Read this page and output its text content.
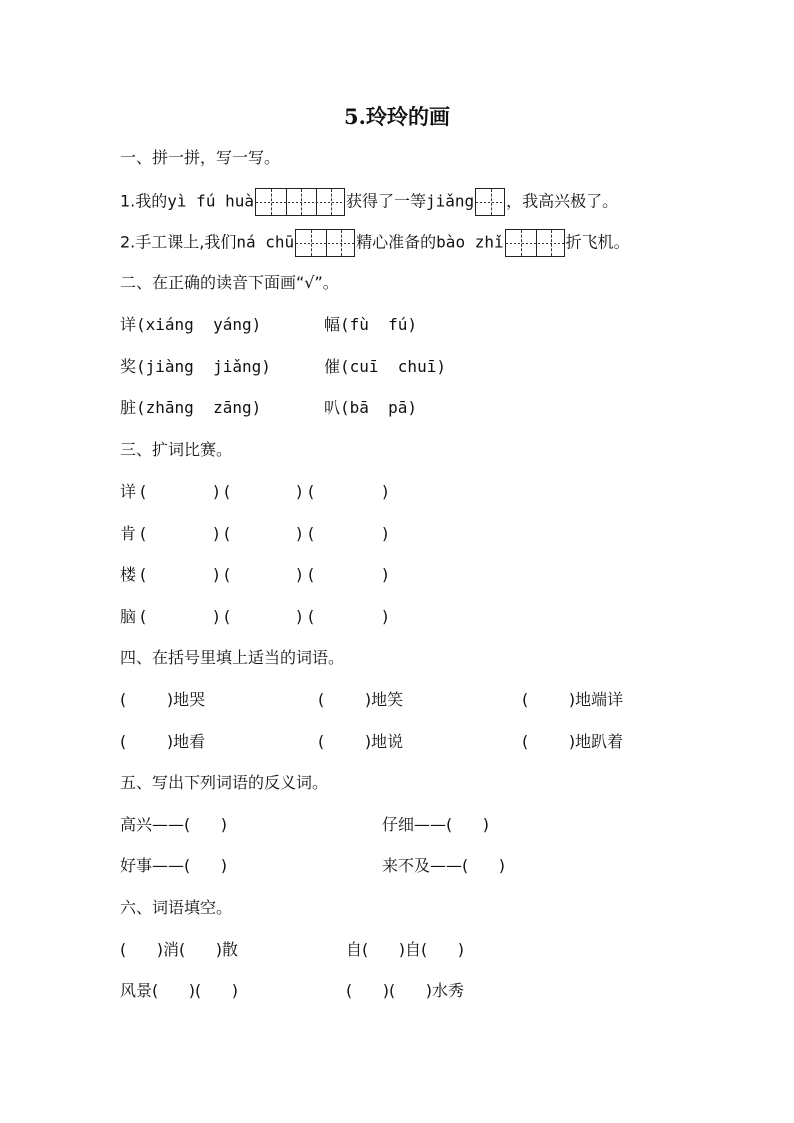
5.玲玲的画
一、拼一拼，写一写。
1.我的yì fú huà	获得了一等jiǎng ，我高兴极了。
2.手工课上,我们ná chū	精心准备的bào zhǐ	折飞机。
二、在正确的读音下面画“√”。
详(xiáng  yáng)	幅(fù  fú)
奖(jiàng  jiǎng)	催(cuī  chuī)
脏(zhāng  zāng)	叭(bā  pā)
三、扩词比赛。
详 (	) (	) (	)
肯 (	) (	) (	)
楼 (	) (	) (	)
脑 (	) (	) (	)
四、在括号里填上适当的词语。
(        )地哭	(        )地笑	(        )地端详
(        )地看	(        )地说	(        )地趴着
五、写出下列词语的反义词。
高兴——(      )	仔细——(      )
好事——(      )	来不及——(      )
六、词语填空。
(      )消(      )散	自(      )自(      )
风景(      )(      )	(      )(      )水秀
